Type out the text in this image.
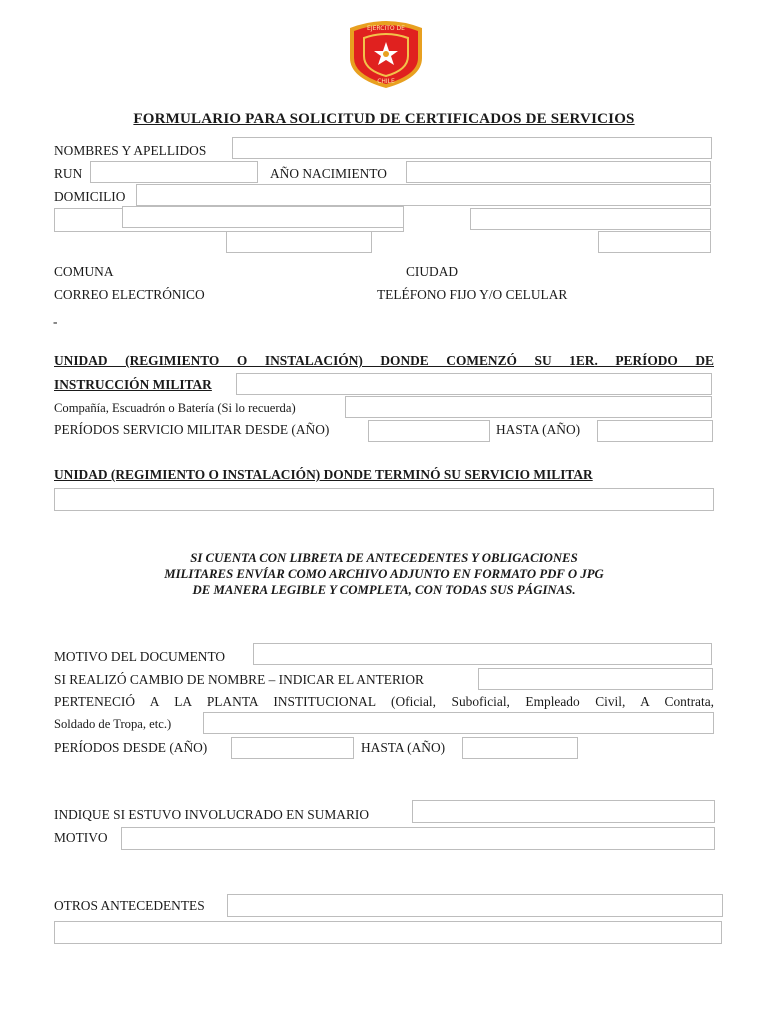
EJERCITO DE
CHILE
FORMULARIO PARA SOLICITUD DE CERTIFICADOS DE SERVICIOS
NOMBRES Y APELLIDOS
RUN	AÑO NACIMIENTO
DOMICILIO
COMUNA	CIUDAD
CORREO ELECTRÓNICO	TELÉFONO FIJO Y/O CELULAR
-
UNIDAD (REGIMIENTO O INSTALACIÓN) DONDE COMENZÓ SU 1ER. PERÍODO DE
INSTRUCCIÓN MILITAR
Compañía, Escuadrón o Batería (Si lo recuerda)
PERÍODOS SERVICIO MILITAR DESDE (AÑO)	HASTA (AÑO)
UNIDAD (REGIMIENTO O INSTALACIÓN) DONDE TERMINÓ SU SERVICIO MILITAR
SI CUENTA CON LIBRETA DE ANTECEDENTES Y OBLIGACIONES
MILITARES ENVÍAR COMO ARCHIVO ADJUNTO EN FORMATO PDF O JPG
DE MANERA LEGIBLE Y COMPLETA, CON TODAS SUS PÁGINAS.
MOTIVO DEL DOCUMENTO
SI REALIZÓ CAMBIO DE NOMBRE – INDICAR EL ANTERIOR
PERTENECIÓ A LA PLANTA INSTITUCIONAL (Oficial, Suboficial, Empleado Civil, A Contrata,
Soldado de Tropa, etc.)
PERÍODOS DESDE (AÑO)	HASTA (AÑO)
INDIQUE SI ESTUVO INVOLUCRADO EN SUMARIO
MOTIVO
OTROS ANTECEDENTES
